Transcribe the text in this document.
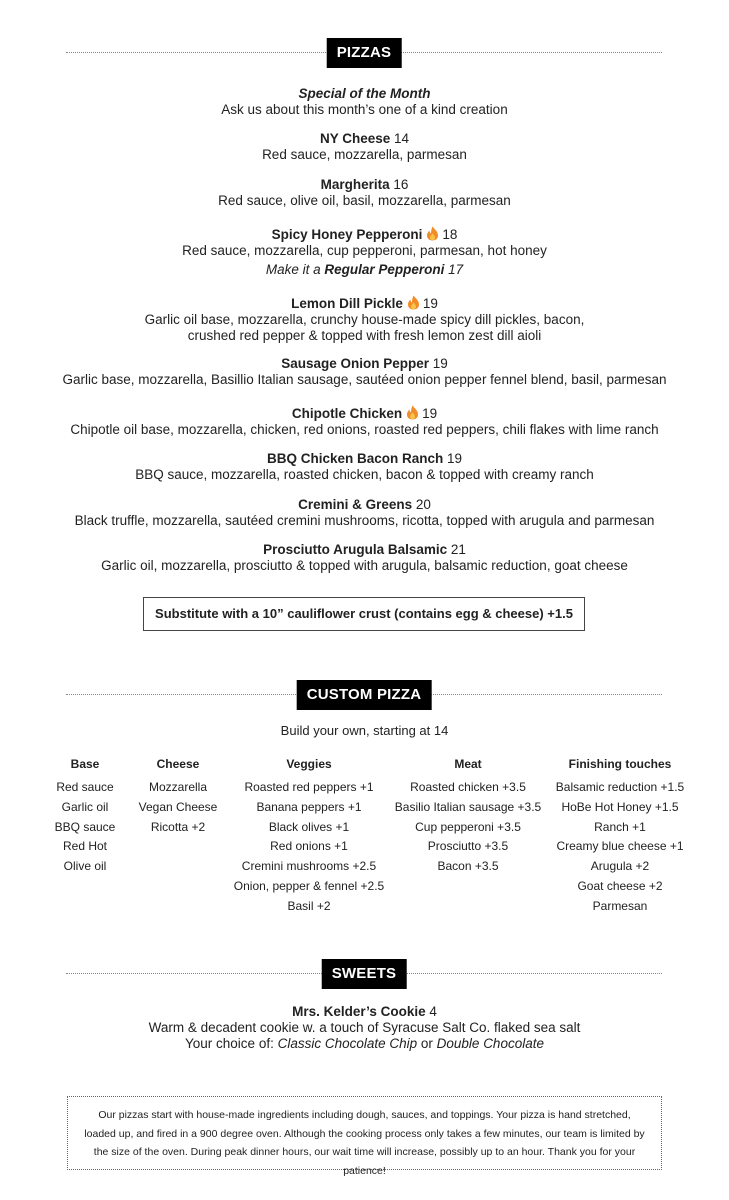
PIZZAS
Special of the Month
Ask us about this month’s one of a kind creation
NY Cheese 14
Red sauce, mozzarella, parmesan
Margherita 16
Red sauce, olive oil, basil, mozzarella, parmesan
Spicy Honey Pepperoni 18
Red sauce, mozzarella, cup pepperoni, parmesan, hot honey
Make it a Regular Pepperoni 17
Lemon Dill Pickle 19
Garlic oil base, mozzarella, crunchy house-made spicy dill pickles, bacon,
crushed red pepper & topped with fresh lemon zest dill aioli
Sausage Onion Pepper 19
Garlic base, mozzarella, Basillio Italian sausage, sautéed onion pepper fennel blend, basil, parmesan
Chipotle Chicken 19
Chipotle oil base, mozzarella, chicken, red onions, roasted red peppers, chili flakes with lime ranch
BBQ Chicken Bacon Ranch 19
BBQ sauce, mozzarella, roasted chicken, bacon & topped with creamy ranch
Cremini & Greens 20
Black truffle, mozzarella, sautéed cremini mushrooms, ricotta, topped with arugula and parmesan
Prosciutto Arugula Balsamic 21
Garlic oil, mozzarella, prosciutto & topped with arugula, balsamic reduction, goat cheese
Substitute with a 10” cauliflower crust (contains egg & cheese) +1.5
CUSTOM PIZZA
Build your own, starting at 14
Base
Red sauce
Garlic oil
BBQ sauce
Red Hot
Olive oil
Cheese
Mozzarella
Vegan Cheese
Ricotta +2
Veggies
Roasted red peppers +1
Banana peppers +1
Black olives +1
Red onions +1
Cremini mushrooms +2.5
Onion, pepper & fennel +2.5
Basil +2
Meat
Roasted chicken +3.5
Basilio Italian sausage +3.5
Cup pepperoni +3.5
Prosciutto +3.5
Bacon +3.5
Finishing touches
Balsamic reduction +1.5
HoBe Hot Honey +1.5
Ranch +1
Creamy blue cheese +1
Arugula +2
Goat cheese +2
Parmesan
SWEETS
Mrs. Kelder’s Cookie 4
Warm & decadent cookie w. a touch of Syracuse Salt Co. flaked sea salt
Your choice of: Classic Chocolate Chip or Double Chocolate
Our pizzas start with house-made ingredients including dough, sauces, and toppings. Your pizza is hand stretched, loaded up, and fired in a 900 degree oven. Although the cooking process only takes a few minutes, our team is limited by the size of the oven. During peak dinner hours, our wait time will increase, possibly up to an hour. Thank you for your patience!
